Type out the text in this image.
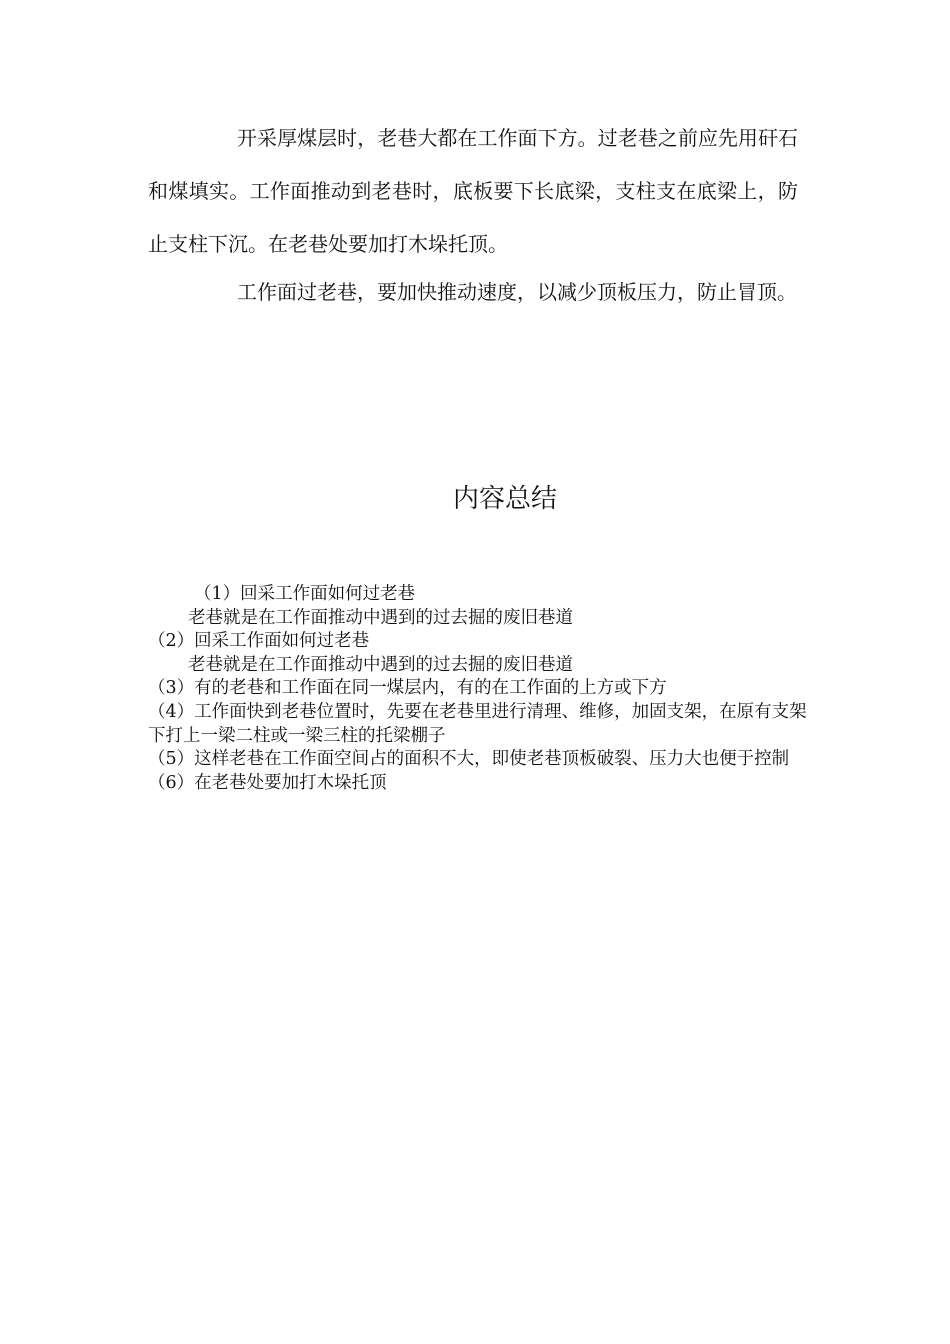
开采厚煤层时，老巷大都在工作面下方。过老巷之前应先用矸石和煤填实。工作面推动到老巷时，底板要下长底梁，支柱支在底梁上，防止支柱下沉。在老巷处要加打木垛托顶。

工作面过老巷，要加快推动速度，以减少顶板压力，防止冒顶。

内容总结
（1）回采工作面如何过老巷
老巷就是在工作面推动中遇到的过去掘的废旧巷道
（2）回采工作面如何过老巷
老巷就是在工作面推动中遇到的过去掘的废旧巷道
（3）有的老巷和工作面在同一煤层内，有的在工作面的上方或下方
（4）工作面快到老巷位置时，先要在老巷里进行清理、维修，加固支架，在原有支架下打上一梁二柱或一梁三柱的托梁棚子
（5）这样老巷在工作面空间占的面积不大，即使老巷顶板破裂、压力大也便于控制
（6）在老巷处要加打木垛托顶
